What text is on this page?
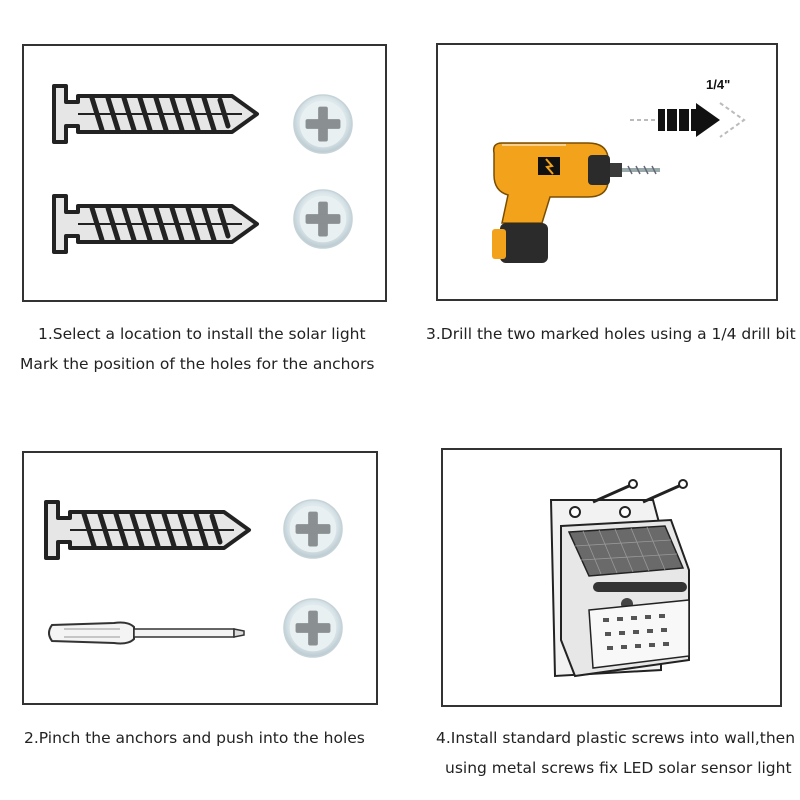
1/4"
1.Select a location to install the solar light
Mark the position of the holes for the anchors
3.Drill the two marked holes using a 1/4 drill bit
2.Pinch the anchors and push into the holes	4.Install standard plastic screws into wall,then
using metal screws fix LED solar sensor light
